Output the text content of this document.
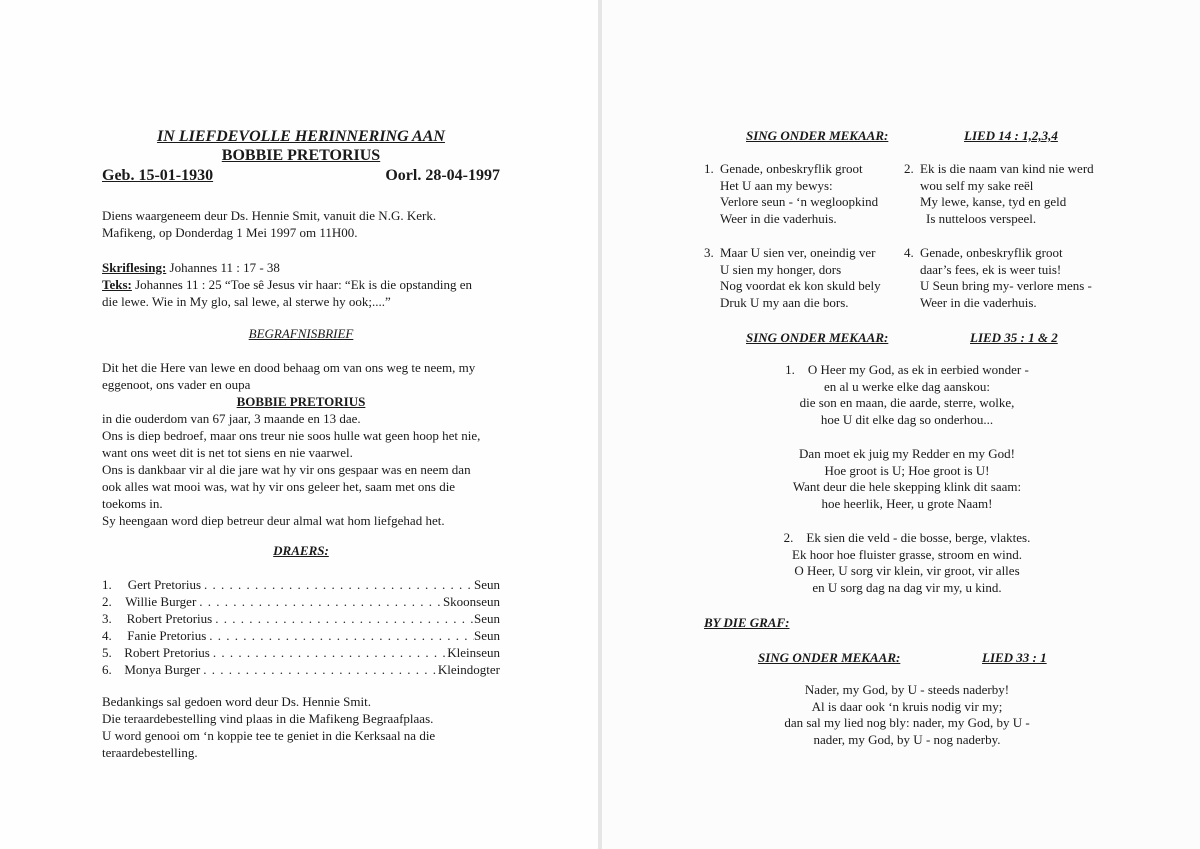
IN LIEFDEVOLLE HERINNERING AAN
BOBBIE PRETORIUS
Geb. 15-01-1930	Oorl. 28-04-1997
Diens waargeneem deur Ds. Hennie Smit, vanuit die N.G. Kerk.
Mafikeng, op Donderdag 1 Mei 1997 om 11H00.
Skriflesing: Johannes 11 : 17 - 38
Teks: Johannes 11 : 25 “Toe sê Jesus vir haar: “Ek is die opstanding en
die lewe. Wie in My glo, sal lewe, al sterwe hy ook;....”
BEGRAFNISBRIEF
Dit het die Here van lewe en dood behaag om van ons weg te neem, my
eggenoot, ons vader en oupa
BOBBIE PRETORIUS
in die ouderdom van 67 jaar, 3 maande en 13 dae.
Ons is diep bedroef, maar ons treur nie soos hulle wat geen hoop het nie,
want ons weet dit is net tot siens en nie vaarwel.
Ons is dankbaar vir al die jare wat hy vir ons gespaar was en neem dan
ook alles wat mooi was, wat hy vir ons geleer het, saam met ons die
toekoms in.
Sy heengaan word diep betreur deur almal wat hom liefgehad het.
DRAERS:
1.	Gert Pretorius . . .	Seun
2.	Willie Burger . . .	Skoonseun
3.	Robert Pretorius . . .	Seun
4.	Fanie Pretorius . . .	Seun
5. Robert Pretorius . . .	Kleinseun
6. Monya Burger . . .	Kleindogter
Bedankings sal gedoen word deur Ds. Hennie Smit.
Die teraardebestelling vind plaas in die Mafikeng Begraafplaas.
U word genooi om ‘n koppie tee te geniet in die Kerksaal na die
teraardebestelling.
SING ONDER MEKAAR:	LIED 14 : 1,2,3,4
1. Genade, onbeskryflik groot
Het U aan my bewys:
Verlore seun - ‘n wegloopkind
Weer in die vaderhuis.
2. Ek is die naam van kind nie werd
wou self my sake reël
My lewe, kanse, tyd en geld
Is nutteloos verspeel.
3. Maar U sien ver, oneindig ver
U sien my honger, dors
Nog voordat ek kon skuld bely
Druk U my aan die bors.
4. Genade, onbeskryflik groot
daar’s fees, ek is weer tuis!
U Seun bring my- verlore mens -
Weer in die vaderhuis.
SING ONDER MEKAAR:	LIED 35 : 1 & 2
1. O Heer my God, as ek in eerbied wonder -
en al u werke elke dag aanskou:
die son en maan, die aarde, sterre, wolke,
hoe U dit elke dag so onderhou...
Dan moet ek juig my Redder en my God!
Hoe groot is U; Hoe groot is U!
Want deur die hele skepping klink dit saam:
hoe heerlik, Heer, u grote Naam!
2. Ek sien die veld - die bosse, berge, vlaktes.
Ek hoor hoe fluister grasse, stroom en wind.
O Heer, U sorg vir klein, vir groot, vir alles
en U sorg dag na dag vir my, u kind.
BY DIE GRAF:
SING ONDER MEKAAR:	LIED 33 : 1
Nader, my God, by U - steeds naderby!
Al is daar ook ‘n kruis nodig vir my;
dan sal my lied nog bly: nader, my God, by U -
nader, my God, by U - nog naderby.
